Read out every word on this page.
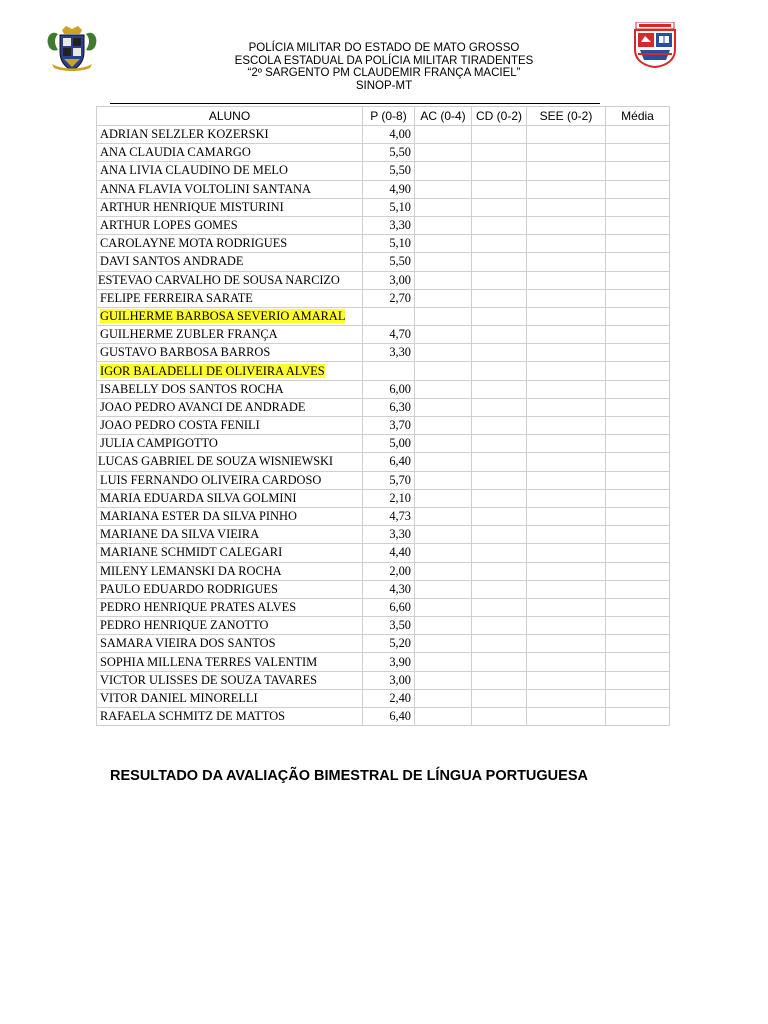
POLÍCIA MILITAR DO ESTADO DE MATO GROSSO
ESCOLA ESTADUAL DA POLÍCIA MILITAR TIRADENTES
“2º SARGENTO PM CLAUDEMIR FRANÇA MACIEL”
SINOP-MT
ALUNO	P (0-8)	AC (0-4)	CD (0-2)	SEE (0-2)	Média
ADRIAN SELZLER KOZERSKI	4,00				
ANA CLAUDIA CAMARGO	5,50				
ANA LIVIA CLAUDINO DE MELO	5,50				
ANNA FLAVIA VOLTOLINI SANTANA	4,90				
ARTHUR HENRIQUE MISTURINI	5,10				
ARTHUR LOPES GOMES	3,30				
CAROLAYNE MOTA RODRIGUES	5,10				
DAVI SANTOS ANDRADE	5,50				
ESTEVAO CARVALHO DE SOUSA NARCIZO	3,00				
FELIPE FERREIRA SARATE	2,70				
GUILHERME BARBOSA SEVERIO AMARAL					
GUILHERME ZUBLER FRANÇA	4,70				
GUSTAVO BARBOSA BARROS	3,30				
IGOR BALADELLI DE OLIVEIRA ALVES					
ISABELLY DOS SANTOS ROCHA	6,00				
JOAO PEDRO AVANCI DE ANDRADE	6,30				
JOAO PEDRO COSTA FENILI	3,70				
JULIA CAMPIGOTTO	5,00				
LUCAS GABRIEL DE SOUZA WISNIEWSKI	6,40				
LUIS FERNANDO OLIVEIRA CARDOSO	5,70				
MARIA EDUARDA SILVA GOLMINI	2,10				
MARIANA ESTER DA SILVA PINHO	4,73				
MARIANE DA SILVA VIEIRA	3,30				
MARIANE SCHMIDT CALEGARI	4,40				
MILENY LEMANSKI DA ROCHA	2,00				
PAULO EDUARDO RODRIGUES	4,30				
PEDRO HENRIQUE PRATES ALVES	6,60				
PEDRO HENRIQUE ZANOTTO	3,50				
SAMARA VIEIRA DOS SANTOS	5,20				
SOPHIA MILLENA TERRES VALENTIM	3,90				
VICTOR ULISSES DE SOUZA TAVARES	3,00				
VITOR DANIEL MINORELLI	2,40				
RAFAELA SCHMITZ DE MATTOS	6,40				
RESULTADO DA AVALIAÇÃO BIMESTRAL DE LÍNGUA PORTUGUESA
